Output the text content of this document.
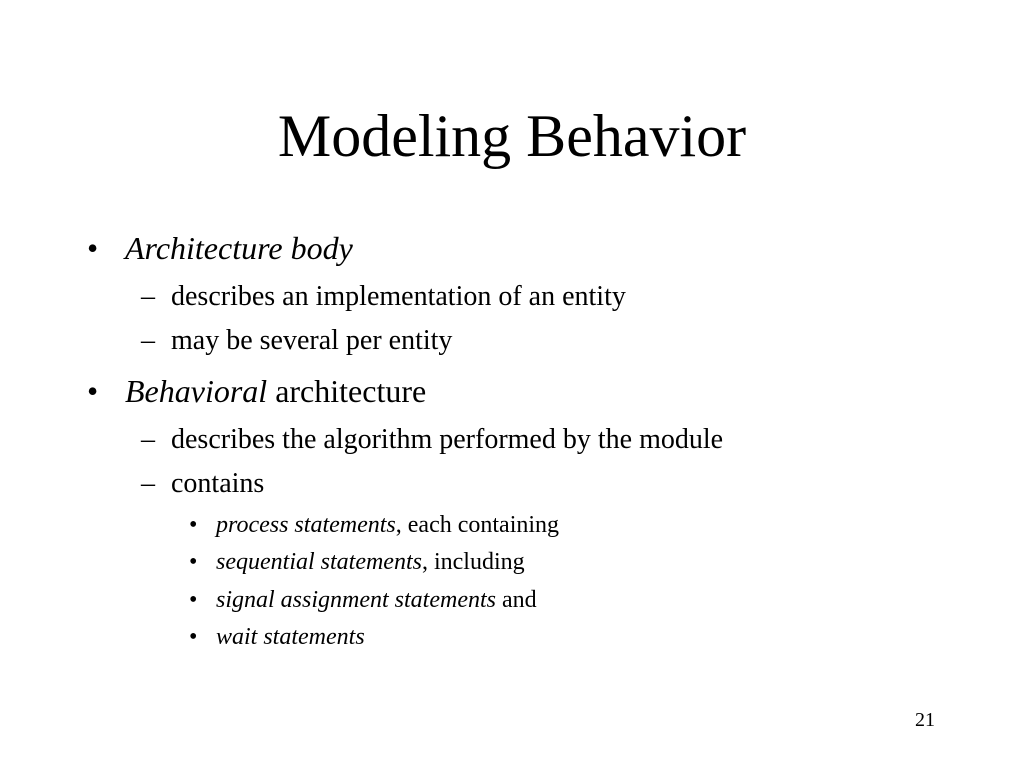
Modeling Behavior
• Architecture body
– describes an implementation of an entity
– may be several per entity
• Behavioral architecture
– describes the algorithm performed by the module
– contains
• process statements, each containing
• sequential statements, including
• signal assignment statements and
• wait statements
21
